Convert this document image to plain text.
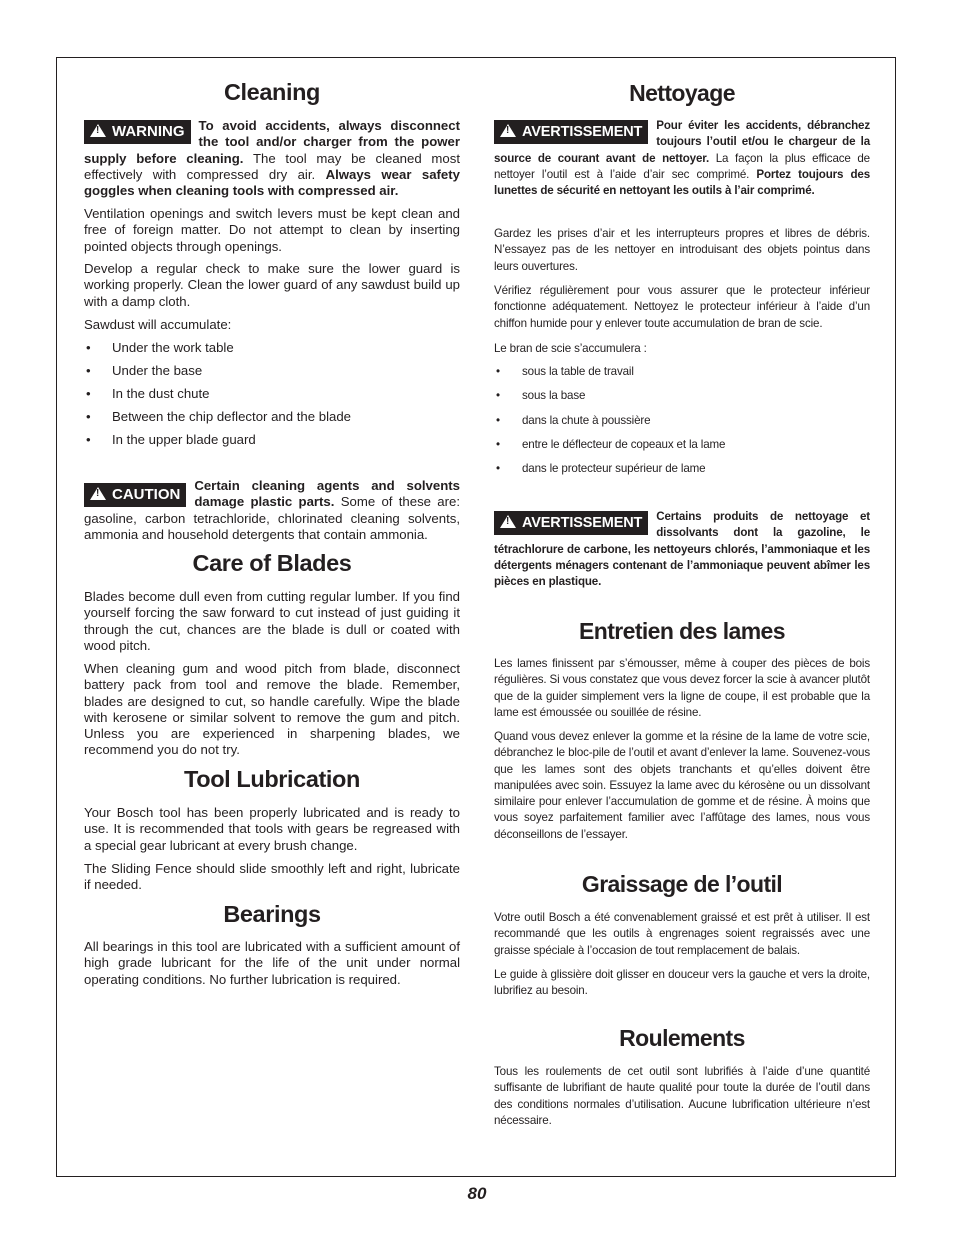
Cleaning
!WARNING	To avoid accidents, always disconnect the tool and/or charger from the power supply before cleaning. The tool may be cleaned most effectively with compressed dry air. Always wear safety goggles when cleaning tools with compressed air.

Ventilation openings and switch levers must be kept clean and free of foreign matter. Do not attempt to clean by inserting pointed objects through openings.

Develop a regular check to make sure the lower guard is working properly. Clean the lower guard of any sawdust build up with a damp cloth.

Sawdust will accumulate:

• Under the work table
• Under the base
• In the dust chute
• Between the chip deflector and the blade
• In the upper blade guard
!CAUTION

Certain cleaning agents and solvents damage plastic parts. Some of these are: gasoline, carbon tetrachloride, chlorinated cleaning solvents, ammonia and household detergents that contain ammonia.

Care of Blades

Blades become dull even from cutting regular lumber. If you find yourself forcing the saw forward to cut instead of just guiding it through the cut, chances are the blade is dull or coated with wood pitch.

When cleaning gum and wood pitch from blade, disconnect battery pack from tool and remove the blade. Remember, blades are designed to cut, so handle carefully. Wipe the blade with kerosene or similar solvent to remove the gum and pitch. Unless you are experienced in sharpening blades, we recommend you do not try.

Tool Lubrication

Your Bosch tool has been properly lubricated and is ready to use. It is recommended that tools with gears be regreased with a special gear lubricant at every brush change.

The Sliding Fence should slide smoothly left and right, lubricate if needed.

Bearings

All bearings in this tool are lubricated with a sufficient amount of high grade lubricant for the life of the unit under normal operating conditions. No further lubrication is required.

Nettoyage
!AVERTISSEMENT	Pour éviter les accidents, débranchez toujours l’outil et/ou le chargeur de la source de courant avant de nettoyer. La façon la plus efficace de nettoyer l’outil est à l’aide d’air sec comprimé. Portez toujours des lunettes de sécurité en nettoyant les outils à l’air comprimé.

Gardez les prises d’air et les interrupteurs propres et libres de débris. N’essayez pas de les nettoyer en introduisant des objets pointus dans leurs ouvertures.

Vérifiez régulièrement pour vous assurer que le protecteur inférieur fonctionne adéquatement. Nettoyez le protecteur inférieur à l’aide d’un chiffon humide pour y enlever toute accumulation de bran de scie.

Le bran de scie s’accumulera :

• sous la table de travail
• sous la base
• dans la chute à poussière
• entre le déflecteur de copeaux et la lame
• dans le protecteur supérieur de lame
!AVERTISSEMENT	Certains produits de nettoyage et dissolvants dont la gazoline, le tétrachlorure de carbone, les nettoyeurs chlorés, l’ammoniaque et les détergents ménagers contenant de l’ammoniaque peuvent abîmer les pièces en plastique.

Entretien des lames

Les lames finissent par s’émousser, même à couper des pièces de bois régulières. Si vous constatez que vous devez forcer la scie à avancer plutôt que de la guider simplement vers la ligne de coupe, il est probable que la lame est émoussée ou souillée de résine.

Quand vous devez enlever la gomme et la résine de la lame de votre scie, débranchez le bloc-pile de l’outil et avant d’enlever la lame. Souvenez-vous que les lames sont des objets tranchants et qu’elles doivent être manipulées avec soin. Essuyez la lame avec du kérosène ou un dissolvant similaire pour enlever l’accumulation de gomme et de résine. À moins que vous soyez parfaitement familier avec l’affûtage des lames, nous vous déconseillons de l’essayer.

Graissage de l’outil

Votre outil Bosch a été convenablement graissé et est prêt à utiliser. Il est recommandé que les outils à engrenages soient regraissés avec une graisse spéciale à l’occasion de tout remplacement de balais.

Le guide à glissière doit glisser en douceur vers la gauche et vers la droite, lubrifiez au besoin.

Roulements

Tous les roulements de cet outil sont lubrifiés à l’aide d’une quantité suffisante de lubrifiant de haute qualité pour toute la durée de l’outil dans des conditions normales d’utilisation. Aucune lubrification ultérieure n’est nécessaire.

80
